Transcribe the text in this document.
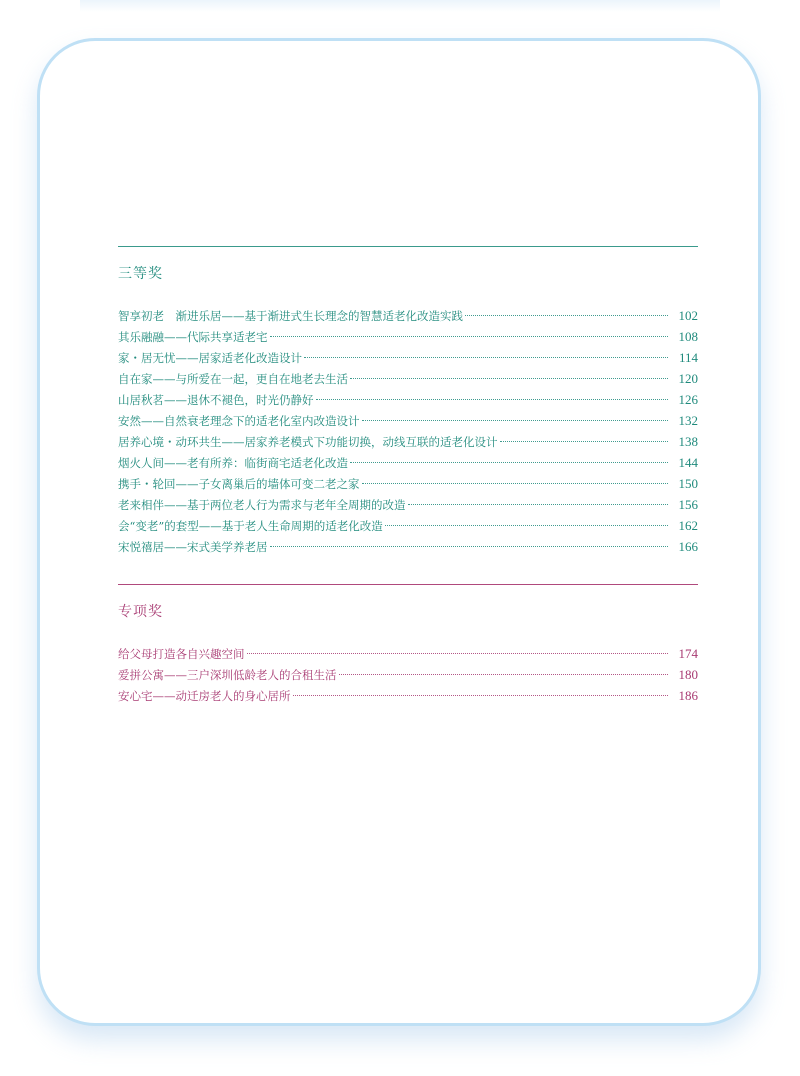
三等奖
智享初老　渐进乐居——基于渐进式生长理念的智慧适老化改造实践	102
其乐融融——代际共享适老宅	108
家・居无忧——居家适老化改造设计	114
自在家——与所爱在一起，更自在地老去生活	120
山居秋茗——退休不褪色，时光仍静好	126
安然——自然衰老理念下的适老化室内改造设计	132
居养心境・动环共生——居家养老模式下功能切换，动线互联的适老化设计	138
烟火人间——老有所养：临街商宅适老化改造	144
携手・轮回——子女离巢后的墙体可变二老之家	150
老来相伴——基于两位老人行为需求与老年全周期的改造	156
会“变老”的套型——基于老人生命周期的适老化改造	162
宋悦禧居——宋式美学养老居	166
专项奖
给父母打造各自兴趣空间	174
爱拼公寓——三户深圳低龄老人的合租生活	180
安心宅——动迁房老人的身心居所	186
